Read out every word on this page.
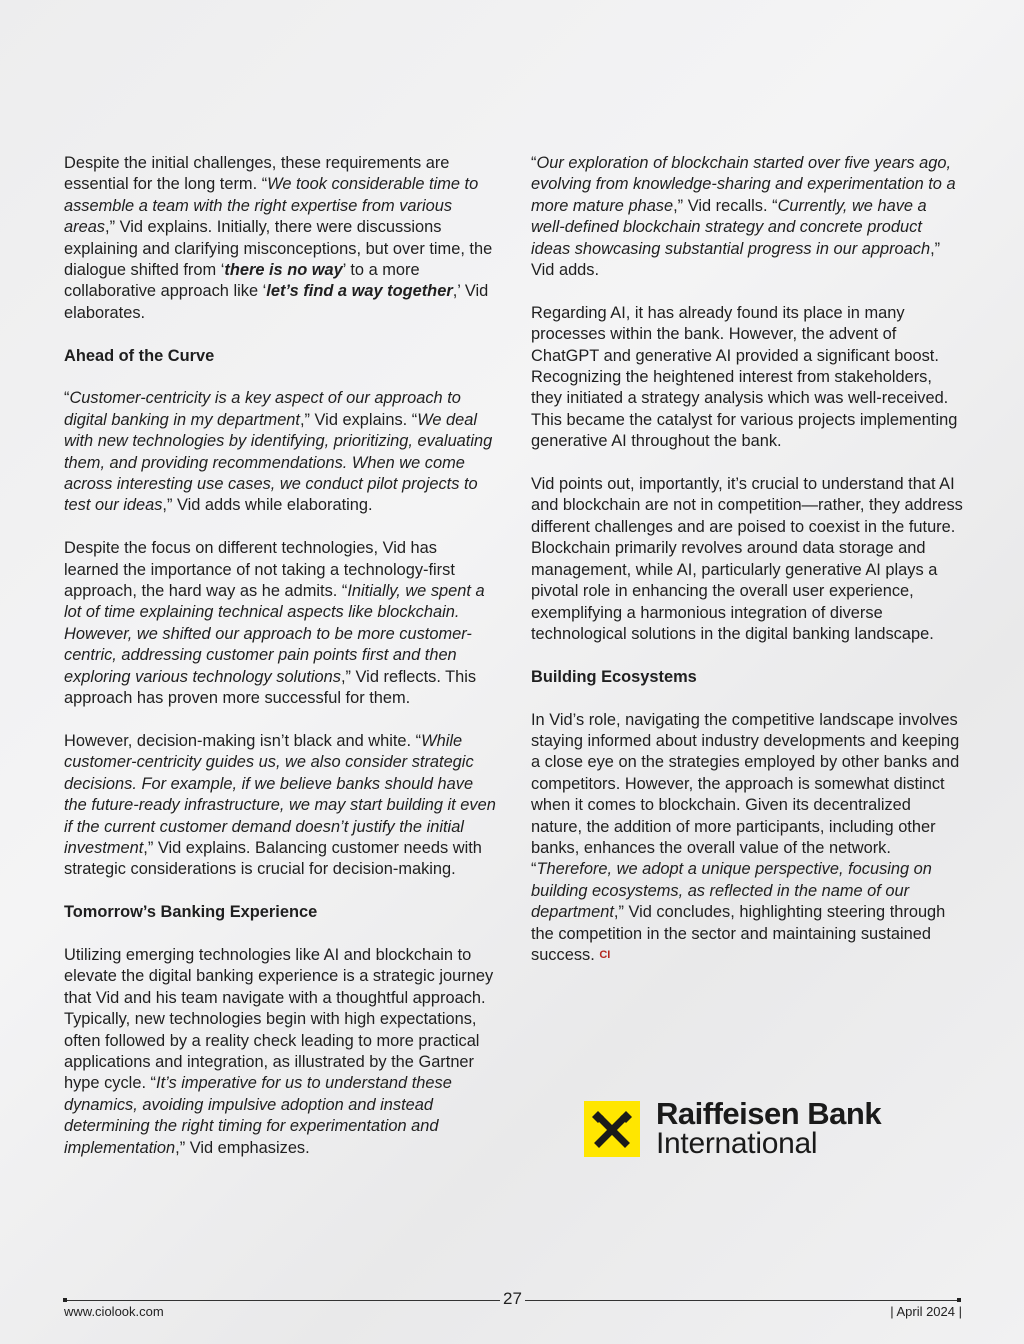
Despite the initial challenges, these requirements are essential for the long term. “We took considerable time to assemble a team with the right expertise from various areas,” Vid explains. Initially, there were discussions explaining and clarifying misconceptions, but over time, the dialogue shifted from ‘there is no way’ to a more collaborative approach like ‘let’s find a way together,’ Vid elaborates.

Ahead of the Curve

“Customer-centricity is a key aspect of our approach to digital banking in my department,” Vid explains. “We deal with new technologies by identifying, prioritizing, evaluating them, and providing recommendations. When we come across interesting use cases, we conduct pilot projects to test our ideas,” Vid adds while elaborating.

Despite the focus on different technologies, Vid has learned the importance of not taking a technology-first approach, the hard way as he admits. “Initially, we spent a lot of time explaining technical aspects like blockchain. However, we shifted our approach to be more customer-centric, addressing customer pain points first and then exploring various technology solutions,” Vid reflects. This approach has proven more successful for them.

However, decision-making isn’t black and white. “While customer-centricity guides us, we also consider strategic decisions. For example, if we believe banks should have the future-ready infrastructure, we may start building it even if the current customer demand doesn’t justify the initial investment,” Vid explains. Balancing customer needs with strategic considerations is crucial for decision-making.

Tomorrow’s Banking Experience

Utilizing emerging technologies like AI and blockchain to elevate the digital banking experience is a strategic journey that Vid and his team navigate with a thoughtful approach. Typically, new technologies begin with high expectations, often followed by a reality check leading to more practical applications and integration, as illustrated by the Gartner hype cycle. “It’s imperative for us to understand these dynamics, avoiding impulsive adoption and instead determining the right timing for experimentation and implementation,” Vid emphasizes.

“Our exploration of blockchain started over five years ago, evolving from knowledge-sharing and experimentation to a more mature phase,” Vid recalls. “Currently, we have a well-defined blockchain strategy and concrete product ideas showcasing substantial progress in our approach,” Vid adds.

Regarding AI, it has already found its place in many processes within the bank. However, the advent of ChatGPT and generative AI provided a significant boost. Recognizing the heightened interest from stakeholders, they initiated a strategy analysis which was well-received. This became the catalyst for various projects implementing generative AI throughout the bank.

Vid points out, importantly, it’s crucial to understand that AI and blockchain are not in competition—rather, they address different challenges and are poised to coexist in the future. Blockchain primarily revolves around data storage and management, while AI, particularly generative AI plays a pivotal role in enhancing the overall user experience, exemplifying a harmonious integration of diverse technological solutions in the digital banking landscape.

Building Ecosystems

In Vid’s role, navigating the competitive landscape involves staying informed about industry developments and keeping a close eye on the strategies employed by other banks and competitors. However, the approach is somewhat distinct when it comes to blockchain. Given its decentralized nature, the addition of more participants, including other banks, enhances the overall value of the network. “Therefore, we adopt a unique perspective, focusing on building ecosystems, as reflected in the name of our department,” Vid concludes, highlighting steering through the competition in the sector and maintaining sustained success. CI

Raiffeisen Bank
International
27
www.ciolook.com	| April 2024 |
